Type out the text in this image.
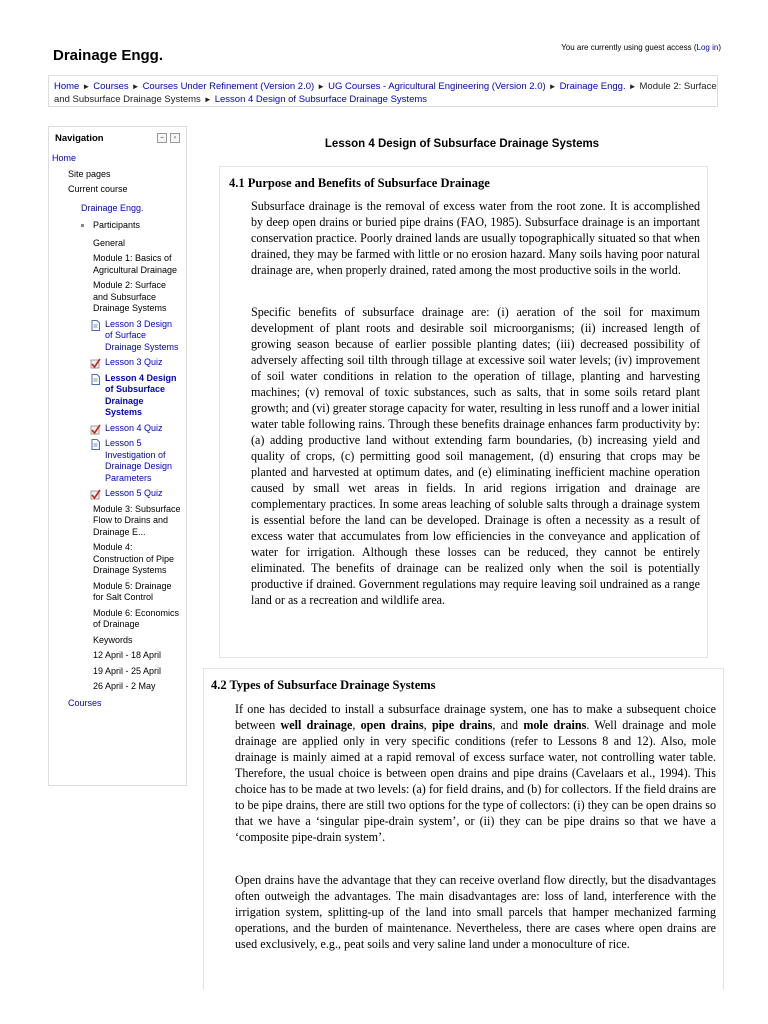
Drainage Engg.	You are currently using guest access (Log in)
Home ► Courses ► Courses Under Refinement (Version 2.0) ► UG Courses - Agricultural Engineering (Version 2.0) ► Drainage Engg. ► Module 2: Surface and Subsurface Drainage Systems ► Lesson 4 Design of Subsurface Drainage Systems
Navigation	–	‹
Home
Site pages
Current course
Drainage Engg.
Participants
General
Module 1: Basics of Agricultural Drainage
Module 2: Surface and Subsurface Drainage Systems
Lesson 3 Design of Surface Drainage Systems
Lesson 3 Quiz
Lesson 4 Design of Subsurface Drainage Systems
Lesson 4 Quiz
Lesson 5 Investigation of Drainage Design Parameters
Lesson 5 Quiz
Module 3: Subsurface Flow to Drains and Drainage E...
Module 4: Construction of Pipe Drainage Systems
Module 5: Drainage for Salt Control
Module 6: Economics of Drainage
Keywords
12 April - 18 April
19 April - 25 April
26 April - 2 May
Courses
Lesson 4 Design of Subsurface Drainage Systems
4.1 Purpose and Benefits of Subsurface Drainage

Subsurface drainage is the removal of excess water from the root zone. It is accomplished by deep open drains or buried pipe drains (FAO, 1985). Subsurface drainage is an important conservation practice. Poorly drained lands are usually topographically situated so that when drained, they may be farmed with little or no erosion hazard. Many soils having poor natural drainage are, when properly drained, rated among the most productive soils in the world.

Specific benefits of subsurface drainage are: (i) aeration of the soil for maximum development of plant roots and desirable soil microorganisms; (ii) increased length of growing season because of earlier possible planting dates; (iii) decreased possibility of adversely affecting soil tilth through tillage at excessive soil water levels; (iv) improvement of soil water conditions in relation to the operation of tillage, planting and harvesting machines; (v) removal of toxic substances, such as salts, that in some soils retard plant growth; and (vi) greater storage capacity for water, resulting in less runoff and a lower initial water table following rains. Through these benefits drainage enhances farm productivity by: (a) adding productive land without extending farm boundaries, (b) increasing yield and quality of crops, (c) permitting good soil management, (d) ensuring that crops may be planted and harvested at optimum dates, and (e) eliminating inefficient machine operation caused by small wet areas in fields. In arid regions irrigation and drainage are complementary practices. In some areas leaching of soluble salts through a drainage system is essential before the land can be developed. Drainage is often a necessity as a result of excess water that accumulates from low efficiencies in the conveyance and application of water for irrigation. Although these losses can be reduced, they cannot be entirely eliminated. The benefits of drainage can be realized only when the soil is potentially productive if drained. Government regulations may require leaving soil undrained as a range land or as a recreation and wildlife area.

4.2 Types of Subsurface Drainage Systems

If one has decided to install a subsurface drainage system, one has to make a subsequent choice between well drainage, open drains, pipe drains, and mole drains. Well drainage and mole drainage are applied only in very specific conditions (refer to Lessons 8 and 12). Also, mole drainage is mainly aimed at a rapid removal of excess surface water, not controlling water table. Therefore, the usual choice is between open drains and pipe drains (Cavelaars et al., 1994). This choice has to be made at two levels: (a) for field drains, and (b) for collectors. If the field drains are to be pipe drains, there are still two options for the type of collectors: (i) they can be open drains so that we have a ‘singular pipe-drain system’, or (ii) they can be pipe drains so that we have a ‘composite pipe-drain system’.

Open drains have the advantage that they can receive overland flow directly, but the disadvantages often outweigh the advantages. The main disadvantages are: loss of land, interference with the irrigation system, splitting-up of the land into small parcels that hamper mechanized farming operations, and the burden of maintenance. Nevertheless, there are cases where open drains are used exclusively, e.g., peat soils and very saline land under a monoculture of rice.
